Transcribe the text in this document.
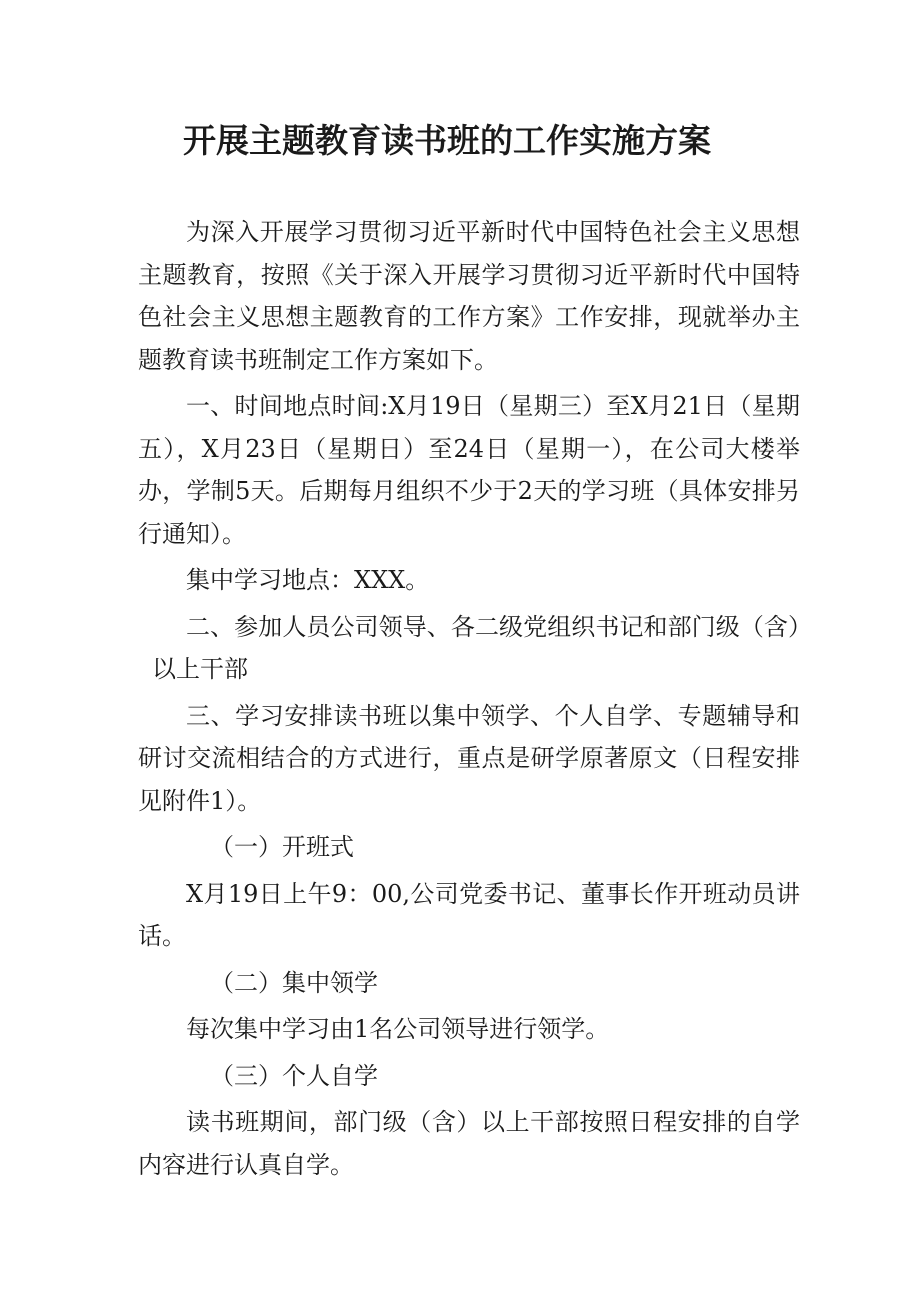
开展主题教育读书班的工作实施方案

为深入开展学习贯彻习近平新时代中国特色社会主义思想主题教育，按照《关于深入开展学习贯彻习近平新时代中国特色社会主义思想主题教育的工作方案》工作安排，现就举办主题教育读书班制定工作方案如下。

一、时间地点时间:X月19日（星期三）至X月21日（星期五），X月23日（星期日）至24日（星期一），在公司大楼举办，学制5天。后期每月组织不少于2天的学习班（具体安排另行通知）。

集中学习地点：XXX。

二、参加人员公司领导、各二级党组织书记和部门级（含）以上干部

三、学习安排读书班以集中领学、个人自学、专题辅导和研讨交流相结合的方式进行，重点是研学原著原文（日程安排见附件1）。

（一）开班式

X月19日上午9：00,公司党委书记、董事长作开班动员讲话。

（二）集中领学

每次集中学习由1名公司领导进行领学。

（三）个人自学

读书班期间，部门级（含）以上干部按照日程安排的自学内容进行认真自学。
